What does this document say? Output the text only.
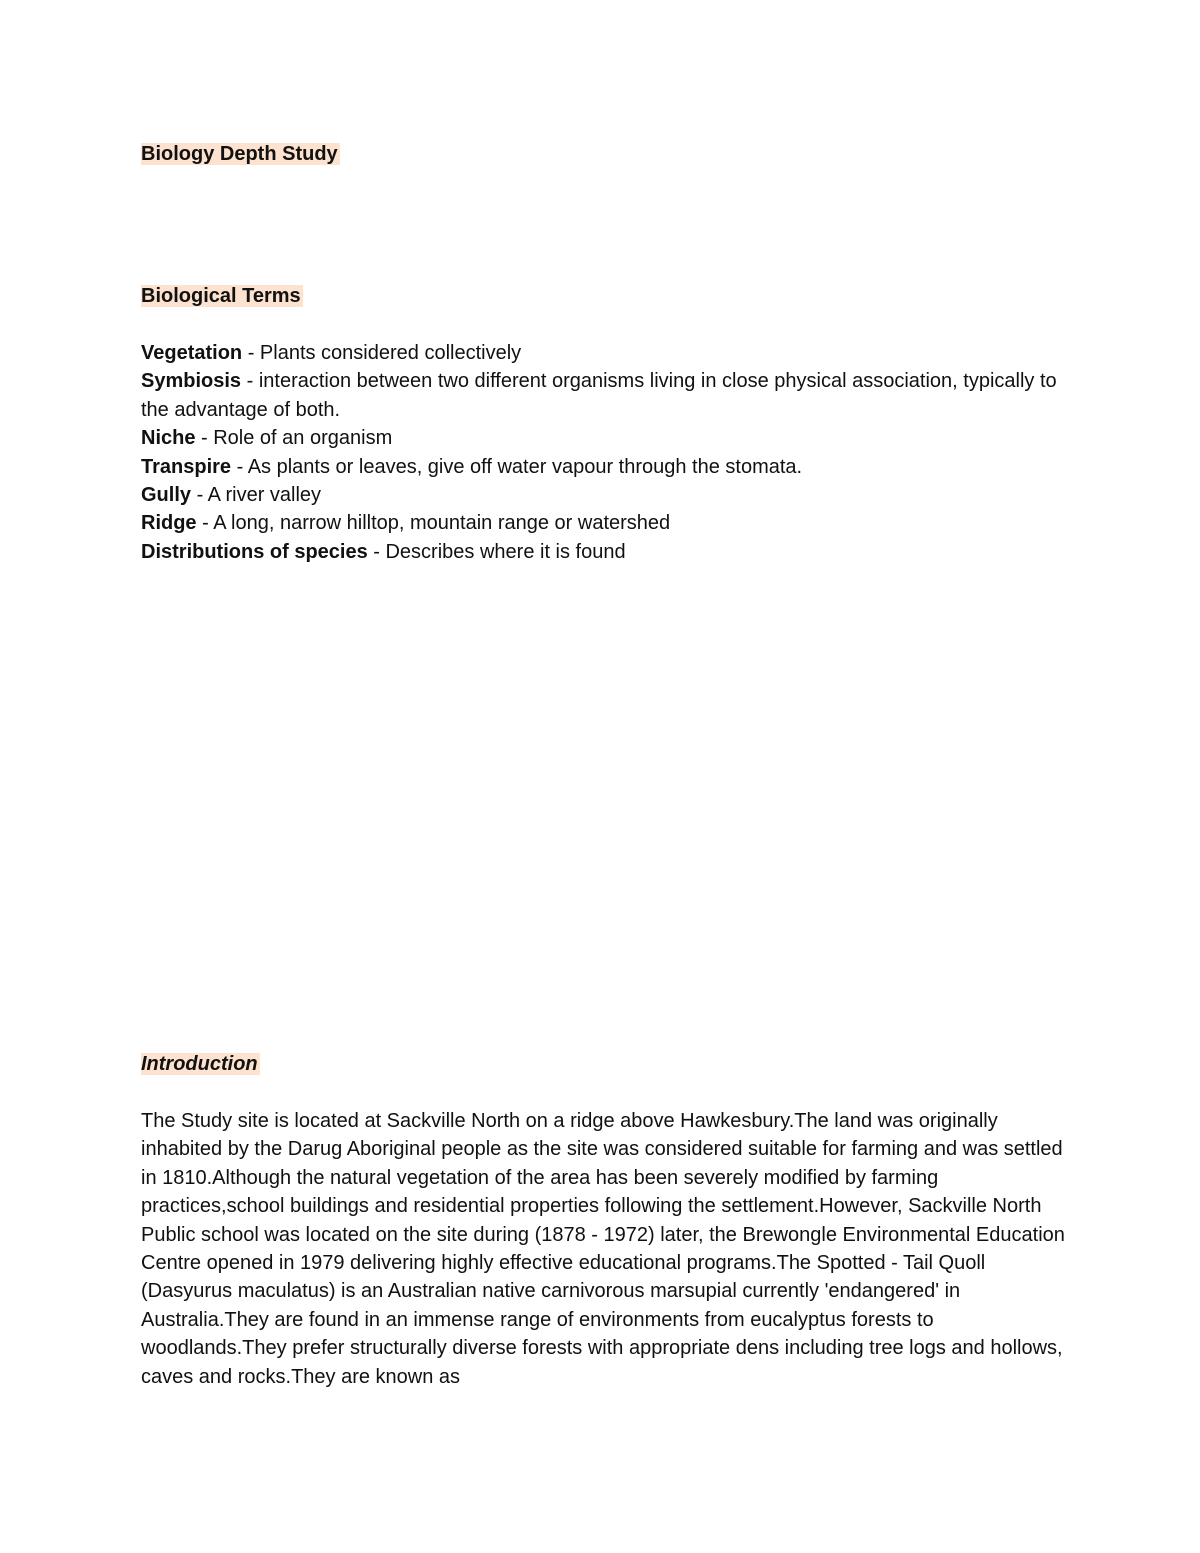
Biology Depth Study
Biological Terms

Vegetation - Plants considered collectively

Symbiosis - interaction between two different organisms living in close physical association, typically to the advantage of both.

Niche - Role of an organism

Transpire - As plants or leaves, give off water vapour through the stomata.

Gully - A river valley

Ridge - A long, narrow hilltop, mountain range or watershed

Distributions of species - Describes where it is found

Introduction

The Study site is located at Sackville North on a ridge above Hawkesbury.The land was originally inhabited by the Darug Aboriginal people as the site was considered suitable for farming and was settled in 1810.Although the natural vegetation of the area has been severely modified by farming practices,school buildings and residential properties following the settlement.However, Sackville North Public school was located on the site during (1878 - 1972) later, the Brewongle Environmental Education Centre opened in 1979 delivering highly effective educational programs.The Spotted - Tail Quoll (Dasyurus maculatus) is an Australian native carnivorous marsupial currently 'endangered' in Australia.They are found in an immense range of environments from eucalyptus forests to woodlands.They prefer structurally diverse forests with appropriate dens including tree logs and hollows, caves and rocks.They are known as
